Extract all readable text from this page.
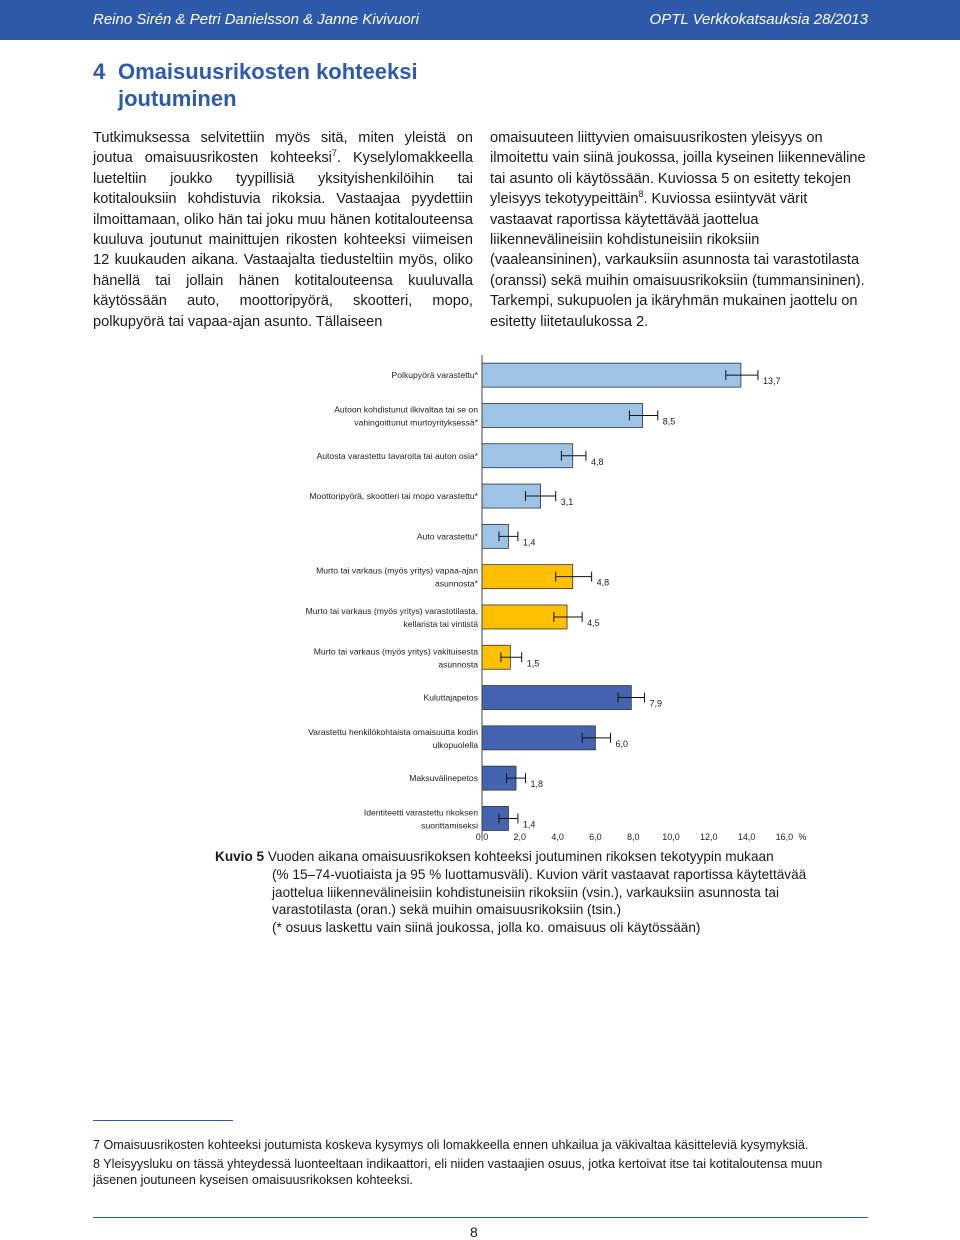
Reino Sirén & Petri Danielsson & Janne Kivivuori	OPTL Verkkokatsauksia 28/2013
4 Omaisuusrikosten kohteeksi
joutuminen

Tutkimuksessa selvitettiin myös sitä, miten yleistä on joutua omaisuusrikosten kohteeksi$^7$. Kyselylomakkeella lueteltiin joukko tyypillisiä yksityishenkilöihin tai kotitalouksiin kohdistuvia rikoksia. Vastaajaa pyydettiin ilmoittamaan, oliko hän tai joku muu hänen kotitalouteensa kuuluva joutunut mainittujen rikosten kohteeksi viimeisen 12 kuukauden aikana. Vastaajalta tiedusteltiin myös, oliko hänellä tai jollain hänen kotitalouteensa kuuluvalla käytössään auto, moottoripyörä, skootteri, mopo, polkupyörä tai vapaa-ajan asunto. Tällaiseen

omaisuuteen liittyvien omaisuusrikosten yleisyys on ilmoitettu vain siinä joukossa, joilla kyseinen liikenneväline tai asunto oli käytössään. Kuviossa 5 on esitetty tekojen yleisyys tekotyypeittäin$^8$. Kuviossa esiintyvät värit vastaavat raportissa käytettävää jaottelua liikennevälineisiin kohdistuneisiin rikoksiin (vaaleansininen), varkauksiin asunnosta tai varastotilasta (oranssi) sekä muihin omaisuusrikoksiin (tummansininen). Tarkempi, sukupuolen ja ikäryhmän mukainen jaottelu on esitetty liitetaulukossa 2.

Polkupyörä varastettu*
13,7
Autoon kohdistunut ilkivaltaa tai se on
vahingoittunut murtoyrityksessä*	8,5
Autosta varastettu tavaroita tai auton osia*
4,8
Moottoripyörä, skootteri tai mopo varastettu*
3,1
Auto varastettu*
1,4
Murto tai varkaus (myös yritys) vapaa-ajan
asunnosta*	4,8
Murto tai varkaus (myös yritys) varastotilasta,
kellarista tai vintistä	4,5
Murto tai varkaus (myös yritys) vakituisesta
asunnosta	1,5
Kuluttajapetos
7,9
Varastettu henkilökohtaista omaisuutta kodin
ulkopuolella	6,0
Maksuvälinepetos
1,8
Identiteetti varastettu rikoksen
suorittamiseksi	1,4
0,0	2,0	4,0	6,0	8,0	10,0 12,0 14,0 16,0 %
Kuvio 5 Vuoden aikana omaisuusrikoksen kohteeksi joutuminen rikoksen tekotyypin mukaan
(% 15–74-vuotiaista ja 95 % luottamusväli). Kuvion värit vastaavat raportissa käytettävää jaottelua liikennevälineisiin kohdistuneisiin rikoksiin (vsin.), varkauksiin asunnosta tai varastotilasta (oran.) sekä muihin omaisuusrikoksiin (tsin.)
(* osuus laskettu vain siinä joukossa, jolla ko. omaisuus oli käytössään)

7 Omaisuusrikosten kohteeksi joutumista koskeva kysymys oli lomakkeella ennen uhkailua ja väkivaltaa käsitteleviä kysymyksiä.

8 Yleisyysluku on tässä yhteydessä luonteeltaan indikaattori, eli niiden vastaajien osuus, jotka kertoivat itse tai kotitaloutensa muun jäsenen joutuneen kyseisen omaisuusrikoksen kohteeksi.

8
